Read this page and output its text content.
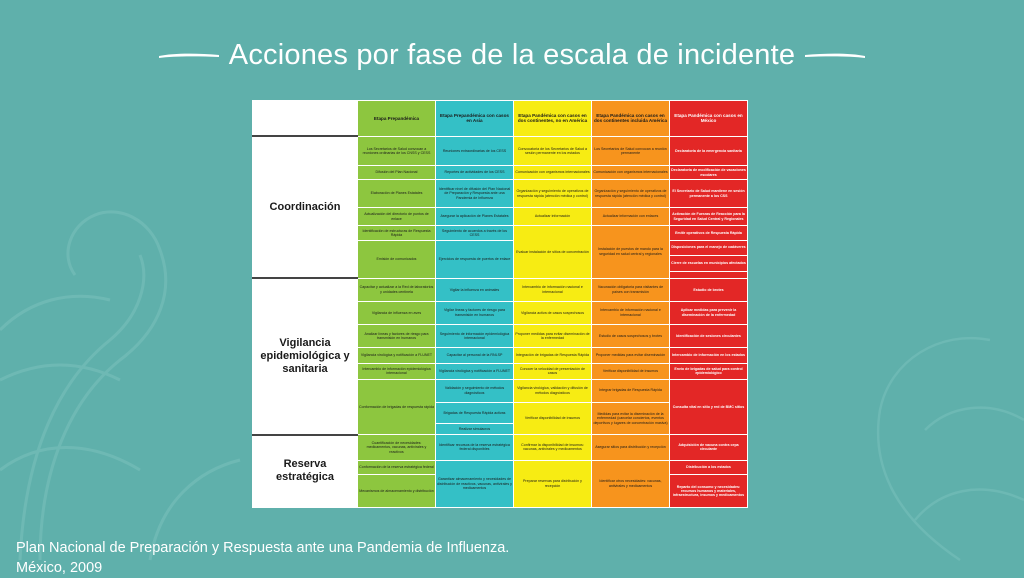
Acciones por fase de la escala de incidente
	Etapa Prepandémica	Etapa Prepandémica con casos en Asia	Etapa Pandémica con casos en dos continentes, no en América	Etapa Pandémica con casos en dos continentes incluida América	Etapa Pandémica con casos en México
Coordinación	Los Secretarios de Salud convocan a reuniones ordinarias de los CNSS y CESS	Reuniones extraordinarias de los CESS	Convocatoria de los Secretarios de Salud a sesión permanente en los estados	Los Secretarios de Salud convocan a reunión permanente	Declaratoria de la emergencia sanitaria
	Difusión del Plan Nacional	Reportes de actividades de los CESS	Comunicación con organismos internacionales	Comunicación con organismos internacionales	Declaratoria de modificación de vacaciones escolares
	Elaboración de Planes Estatales	Identificar nivel de difusión del Plan Nacional de Preparación y Respuesta ante una Pandemia de Influenza	Organización y seguimiento de operativos de respuesta rápida (atención médica y control)	Organización y seguimiento de operativos de respuesta rápida (atención médica y control)	El Secretario de Salud mantiene en sesión permanente a los CSS
	Actualización del directorio de puntos de enlace	Asegurar la aplicación de Planes Estatales	Actualizar información	Actualizar información con enlaces	Activación de Fuerzas de Reacción para la Seguridad en Salud Central y Regionales
	Identificación de estructuras de Respuesta Rápida	Seguimiento de acuerdos a través de los CESS	Evaluar instalación de sitios de concentración	Instalación de puestos de mando para la seguridad en salud central y regionales	Emitir operativos de Respuesta Rápida
	Emisión de comunicados	Ejercicios de respuesta de puertos de enlace			Disposiciones para el manejo de cadáveres
					Cierre de escuelas en municipios afectados

Vigilancia epidemiológica y sanitaria	Capacitar y actualizar a la Red de laboratorios y unidades centinela	Vigilar la influenza en animales	Intercambio de información nacional e internacional	Vacunación obligatoria para visitantes de países con transmisión	Estudio de brotes
	Vigilancia de influenza en aves	Vigilar líneas y factores de riesgo para transmisión en humanos	Vigilancia activa de casos sospechosos	Intercambio de información nacional e internacional	Aplicar medidas para prevenir la diseminación de la enfermedad
	Analizar líneas y factores de riesgo para transmisión en humanos	Seguimiento de información epidemiológica internacional	Proponer medidas para evitar diseminación de la enfermedad	Estudio de casos sospechosos y brotes	Identificación de sesiones circulantes
	Vigilancia virológica y notificación a FLUNET	Capacitar al personal de la RNLSP	Integración de brigadas de Respuesta Rápida	Proponer medidas para evitar diseminación	Intercambio de información en los estados
	Intercambio de información epidemiológica internacional	Vigilancia virológica y notificación a FLUNET	Conocer la velocidad de presentación de casos	Verificar disponibilidad de insumos	Envío de brigadas de salud para control epidemiológico
	Conformación de brigadas de respuesta rápida	Validación y seguimiento de métodos diagnósticos	Vigilancia virológica, validación y difusión de métodos diagnósticos	Integrar brigadas de Respuesta Rápida	Consulta vital en sitio y red de BMC sitios
		Brigadas de Respuesta Rápida activas	Verificar disponibilidad de insumos	Medidas para evitar la diseminación de la enfermedad (cancelar conciertos, eventos deportivos y lugares de concentración masiva)	
		Realizar simulacros			
Reserva estratégica	Cuantificación de necesidades: medicamentos, vacunas, antivirales y reactivos	Identificar recursos de la reserva estratégica federal disponibles	Confirmar la disponibilidad de insumos: vacunas, antivirales y medicamentos	Asegurar sitios para distribución y recepción	Adquisición de vacuna contra cepa circulante
	Conformación de la reserva estratégica federal	Garantizar almacenamiento y necesidades de distribución de reactivos, vacunas, antivirales y medicamentos	Preparar reservas para distribución y recepción	Identificar otros necesidades: vacunas, antivirales y medicamentos	Distribución a los estados
	Mecanismos de almacenamiento y distribución				Reparto del consumo y necesidades: recursos humanos y materiales, infraestructura, insumos y medicamentos
Plan Nacional de Preparación y Respuesta ante una Pandemia de Influenza.
México, 2009
